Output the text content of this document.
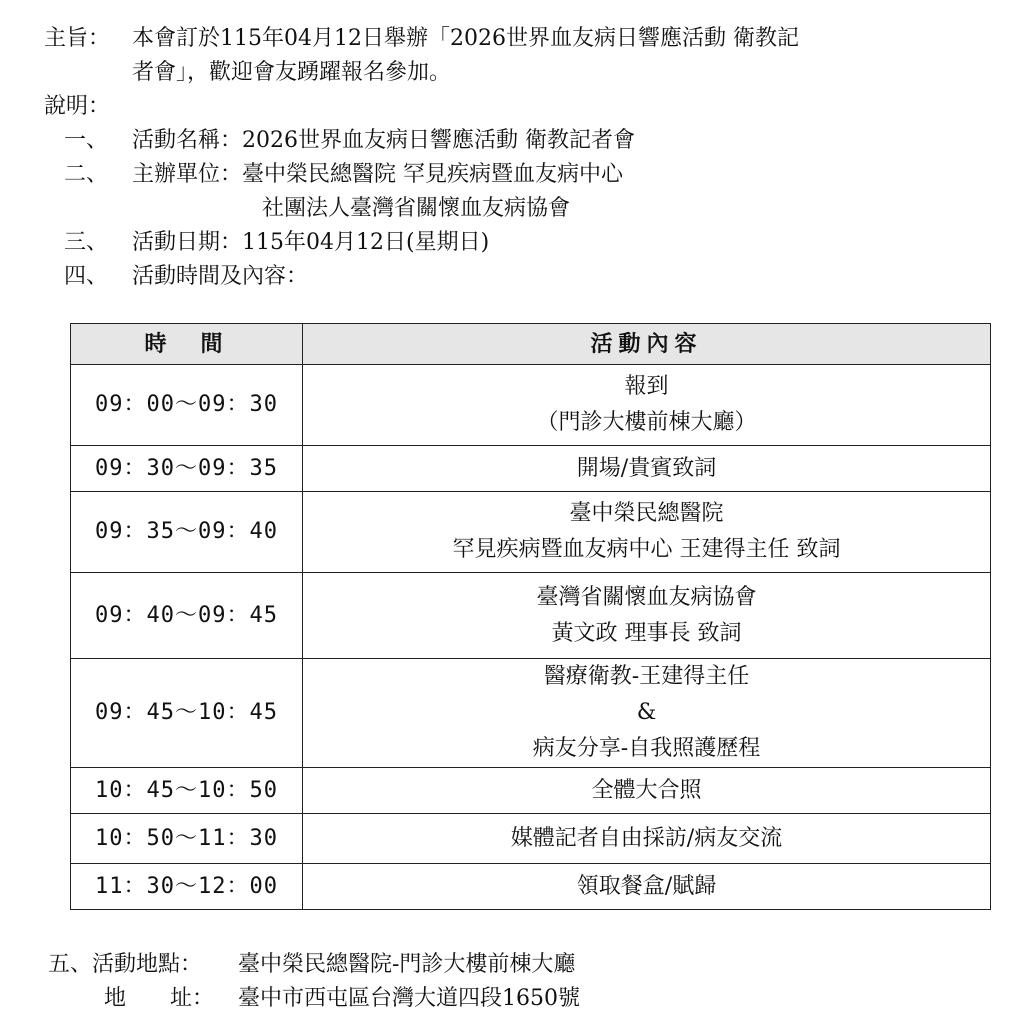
主旨： 本會訂於115年04月12日舉辦「2026世界血友病日響應活動 衛教記
者會」，歡迎會友踴躍報名參加。
說明：
一、 活動名稱：2026世界血友病日響應活動 衛教記者會
二、 主辦單位：臺中榮民總醫院 罕見疾病暨血友病中心
社團法人臺灣省關懷血友病協會
三、 活動日期：115年04月12日(星期日)
四、 活動時間及內容：
時　間	活動內容
09：00～09：30	報到
（門診大樓前棟大廳）

09：30～09：35	開場/貴賓致詞

09：35～09：40	臺中榮民總醫院
罕見疾病暨血友病中心 王建得主任 致詞

09：40～09：45	臺灣省關懷血友病協會
黃文政 理事長 致詞

09：45～10：45	醫療衛教-王建得主任
&
病友分享-自我照護歷程

10：45～10：50	全體大合照

10：50～11：30	媒體記者自由採訪/病友交流

11：30～12：00	領取餐盒/賦歸
五、活動地點： 臺中榮民總醫院-門診大樓前棟大廳
地　　址： 臺中市西屯區台灣大道四段1650號
